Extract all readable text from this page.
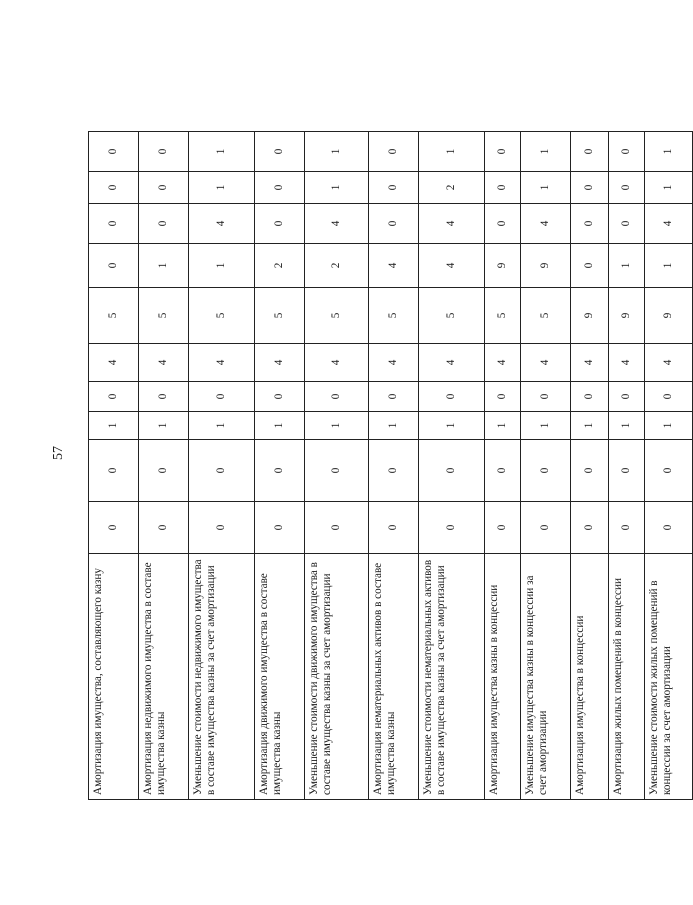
57
Амортизация имущества, составляющего казну	0	0	1	0	4	5	0	0	0	0
Амортизация недвижимого имущества в составе имущества казны	0	0	1	0	4	5	1	0	0	0
Уменьшение стоимости недвижимого имущества в составе имущества казны за счет амортизации	0	0	1	0	4	5	1	4	1	1
Амортизация движимого имущества в составе имущества казны	0	0	1	0	4	5	2	0	0	0
Уменьшение стоимости движимого имущества в составе имущества казны за счет амортизации	0	0	1	0	4	5	2	4	1	1
Амортизация нематериальных активов в составе имущества казны	0	0	1	0	4	5	4	0	0	0
Уменьшение стоимости нематериальных активов в составе имущества казны за счет амортизации	0	0	1	0	4	5	4	4	2	1
Амортизация имущества казны в концессии	0	0	1	0	4	5	9	0	0	0
Уменьшение имущества казны в концессии за счет амортизации	0	0	1	0	4	5	9	4	1	1
Амортизация имущества в концессии	0	0	1	0	4	9	0	0	0	0
Амортизация жилых помещений в концессии	0	0	1	0	4	9	1	0	0	0
Уменьшение стоимости жилых помещений в концессии за счет амортизации	0	0	1	0	4	9	1	4	1	1
